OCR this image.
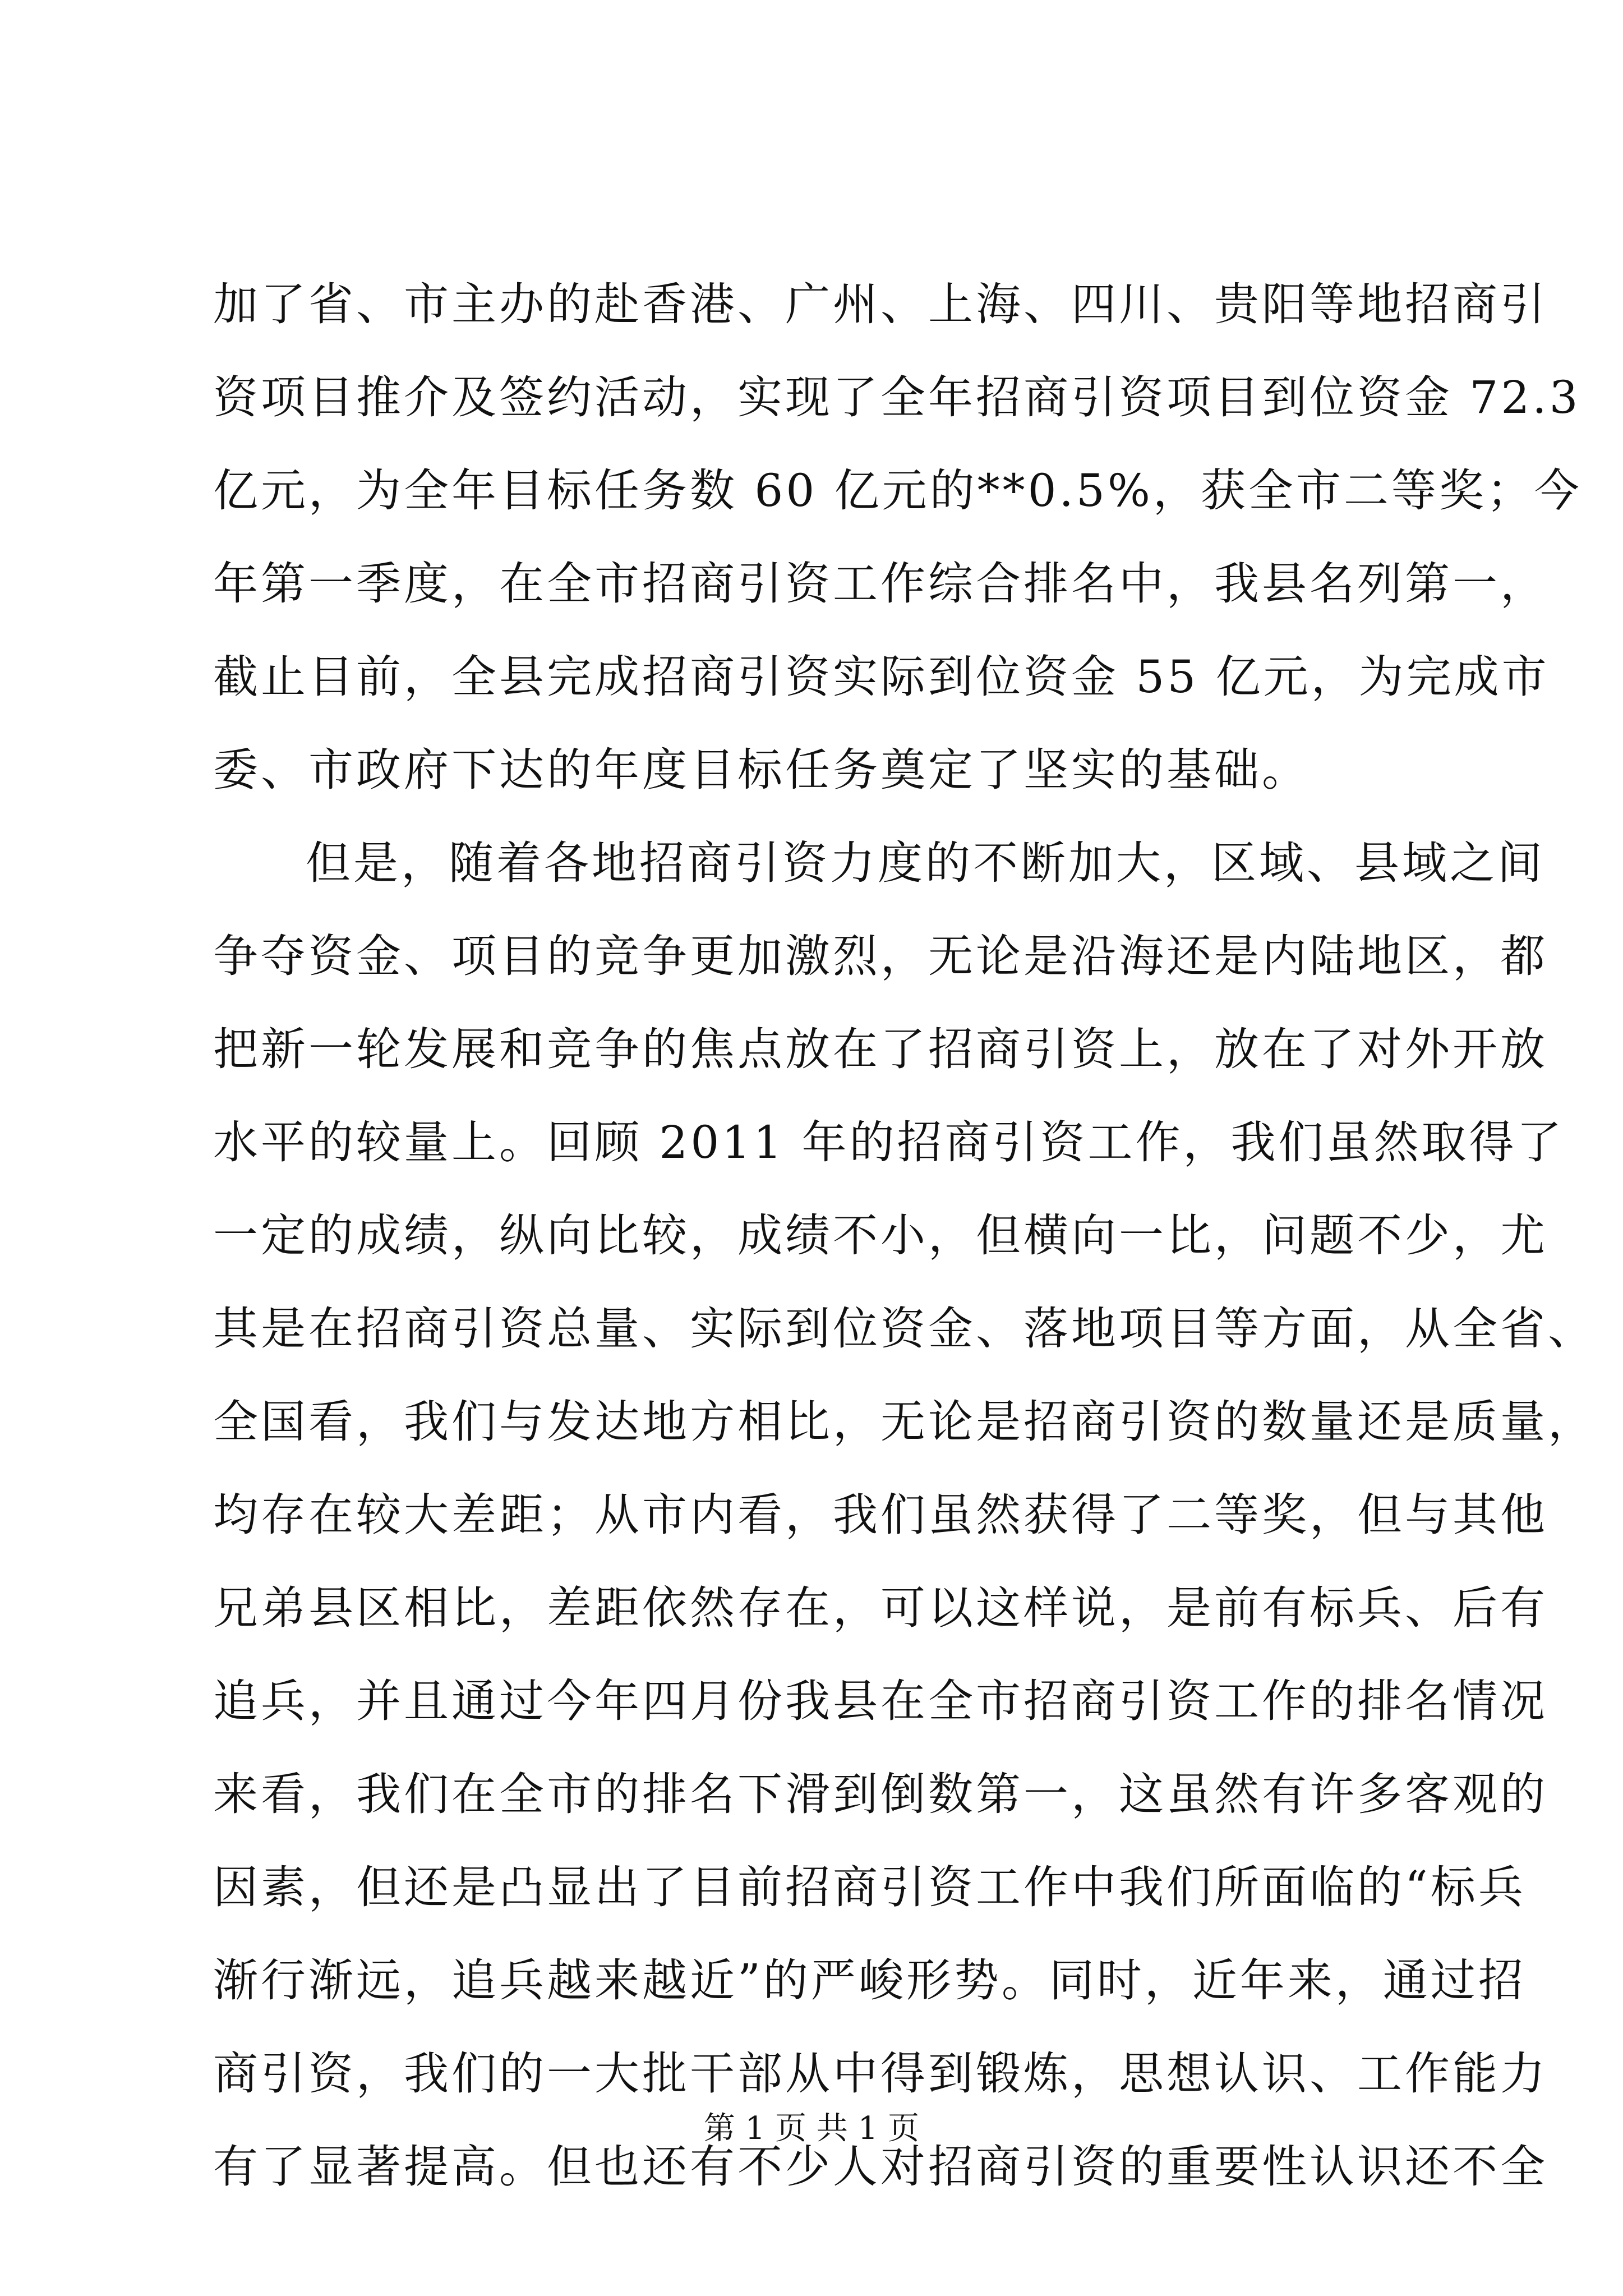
加了省、市主办的赴香港、广州、上海、四川、贵阳等地招商引
资项目推介及签约活动，实现了全年招商引资项目到位资金 72.3
亿元，为全年目标任务数 60 亿元的**0.5%，获全市二等奖；今
年第一季度，在全市招商引资工作综合排名中，我县名列第一，
截止目前，全县完成招商引资实际到位资金 55 亿元，为完成市
委、市政府下达的年度目标任务奠定了坚实的基础。
但是，随着各地招商引资力度的不断加大，区域、县域之间
争夺资金、项目的竞争更加激烈，无论是沿海还是内陆地区，都
把新一轮发展和竞争的焦点放在了招商引资上，放在了对外开放
水平的较量上。回顾 2011 年的招商引资工作，我们虽然取得了
一定的成绩，纵向比较，成绩不小，但横向一比，问题不少，尤
其是在招商引资总量、实际到位资金、落地项目等方面，从全省、
全国看，我们与发达地方相比，无论是招商引资的数量还是质量，
均存在较大差距；从市内看，我们虽然获得了二等奖，但与其他
兄弟县区相比，差距依然存在，可以这样说，是前有标兵、后有
追兵，并且通过今年四月份我县在全市招商引资工作的排名情况
来看，我们在全市的排名下滑到倒数第一，这虽然有许多客观的
因素，但还是凸显出了目前招商引资工作中我们所面临的“标兵
渐行渐远，追兵越来越近”的严峻形势。同时，近年来，通过招
商引资，我们的一大批干部从中得到锻炼，思想认识、工作能力
有了显著提高。但也还有不少人对招商引资的重要性认识还不全
第 1 页 共 1 页
